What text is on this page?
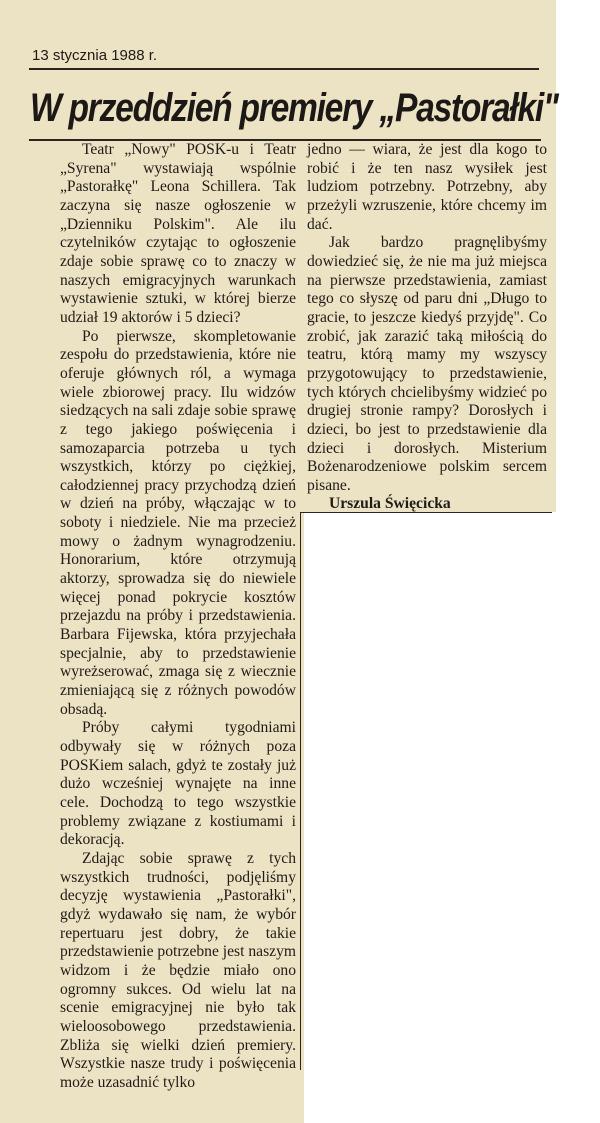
13 stycznia 1988 r.
W przeddzień premiery „Pastorałki"

Teatr „Nowy" POSK-u i Teatr „Syrena" wystawiają wspólnie „Pastorałkę" Leona Schillera. Tak zaczyna się nasze ogłoszenie w „Dzienniku Polskim". Ale ilu czytelników czytając to ogłoszenie zdaje sobie sprawę co to znaczy w naszych emigracyjnych warunkach wystawienie sztuki, w której bierze udział 19 aktorów i 5 dzieci?

Po pierwsze, skompletowanie zespołu do przedstawienia, które nie oferuje głównych ról, a wymaga wiele zbiorowej pracy. Ilu widzów siedzących na sali zdaje sobie sprawę z tego jakiego poświęcenia i samozaparcia potrzeba u tych wszystkich, którzy po ciężkiej, całodziennej pracy przychodzą dzień w dzień na próby, włączając w to soboty i niedziele. Nie ma przecież mowy o żadnym wynagrodzeniu. Honorarium, które otrzymują aktorzy, sprowadza się do niewiele więcej ponad pokrycie kosztów przejazdu na próby i przedstawienia. Barbara Fijewska, która przyjechała specjalnie, aby to przedstawienie wyreżserować, zmaga się z wiecznie zmieniającą się z różnych powodów obsadą.

Próby całymi tygodniami odbywały się w różnych poza POSKiem salach, gdyż te zostały już dużo wcześniej wynajęte na inne cele. Dochodzą to tego wszystkie problemy związane z kostiumami i dekoracją.

Zdając sobie sprawę z tych wszystkich trudności, podjęliśmy decyzję wystawienia „Pastorałki", gdyż wydawało się nam, że wybór repertuaru jest dobry, że takie przedstawienie potrzebne jest naszym widzom i że będzie miało ono ogromny sukces. Od wielu lat na scenie emigracyjnej nie było tak wieloosobowego przedstawienia. Zbliża się wielki dzień premiery. Wszystkie nasze trudy i poświęcenia może uzasadnić tylko

jedno — wiara, że jest dla kogo to robić i że ten nasz wysiłek jest ludziom potrzebny. Potrzebny, aby przeżyli wzruszenie, które chcemy im dać.

Jak bardzo pragnęlibyśmy dowiedzieć się, że nie ma już miejsca na pierwsze przedstawienia, zamiast tego co słyszę od paru dni „Długo to gracie, to jeszcze kiedyś przyjdę". Co zrobić, jak zarazić taką miłością do teatru, którą mamy my wszyscy przygotowujący to przedstawienie, tych których chcielibyśmy widzieć po drugiej stronie rampy? Dorosłych i dzieci, bo jest to przedstawienie dla dzieci i dorosłych. Misterium Bożenarodzeniowe polskim sercem pisane.

Urszula Święcicka
